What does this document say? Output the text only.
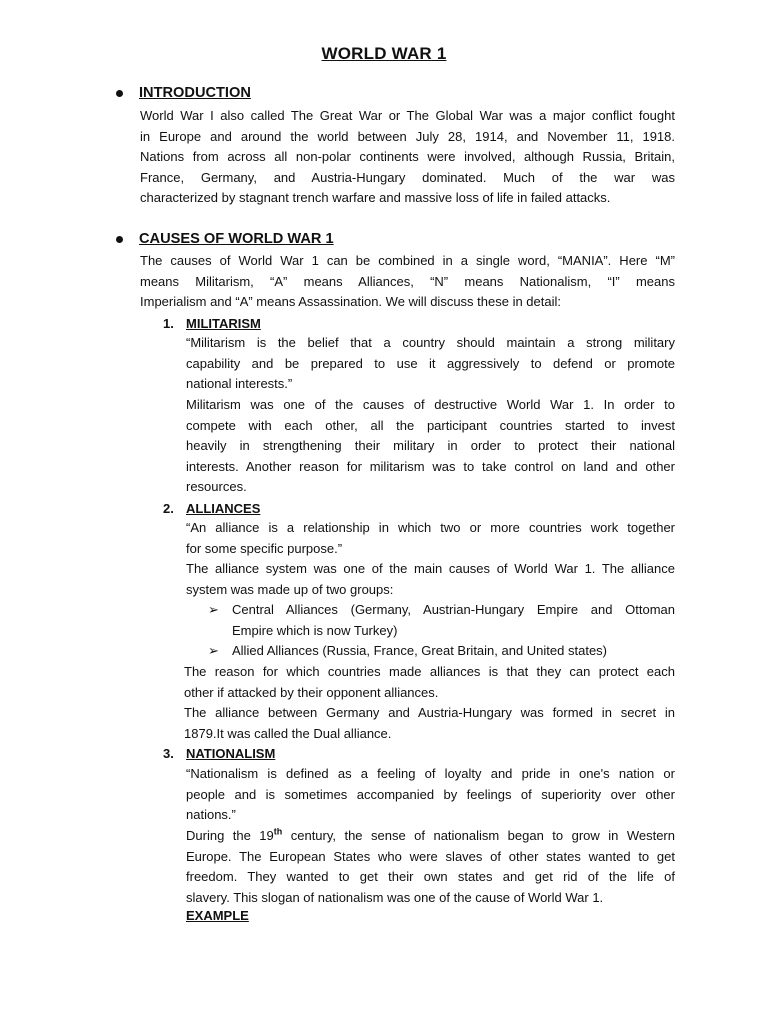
WORLD WAR 1
INTRODUCTION
World War I also called The Great War or The Global War was a major conflict fought
in Europe and around the world between July 28, 1914, and November 11, 1918.
Nations from across all non-polar continents were involved, although Russia, Britain,
France, Germany, and Austria-Hungary dominated. Much of the war was
characterized by stagnant trench warfare and massive loss of life in failed attacks.
CAUSES OF WORLD WAR 1
The causes of World War 1 can be combined in a single word, “MANIA”. Here “M”
means Militarism, “A” means Alliances, “N” means Nationalism, “I” means
Imperialism and “A” means Assassination. We will discuss these in detail:
1. MILITARISM
“Militarism is the belief that a country should maintain a strong military
capability and be prepared to use it aggressively to defend or promote
national interests.”
Militarism was one of the causes of destructive World War 1. In order to
compete with each other, all the participant countries started to invest
heavily in strengthening their military in order to protect their national
interests. Another reason for militarism was to take control on land and other
resources.
2. ALLIANCES
“An alliance is a relationship in which two or more countries work together
for some specific purpose.”
The alliance system was one of the main causes of World War 1. The alliance
system was made up of two groups:
➢ Central Alliances (Germany, Austrian-Hungary Empire and Ottoman
Empire which is now Turkey)
➢ Allied Alliances (Russia, France, Great Britain, and United states)
The reason for which countries made alliances is that they can protect each
other if attacked by their opponent alliances.
The alliance between Germany and Austria-Hungary was formed in secret in
1879.It was called the Dual alliance.
3. NATIONALISM
“Nationalism is defined as a feeling of loyalty and pride in one's nation or
people and is sometimes accompanied by feelings of superiority over other
nations.”
During the 19th century, the sense of nationalism began to grow in Western
Europe. The European States who were slaves of other states wanted to get
freedom. They wanted to get their own states and get rid of the life of
slavery. This slogan of nationalism was one of the cause of World War 1.
EXAMPLE
